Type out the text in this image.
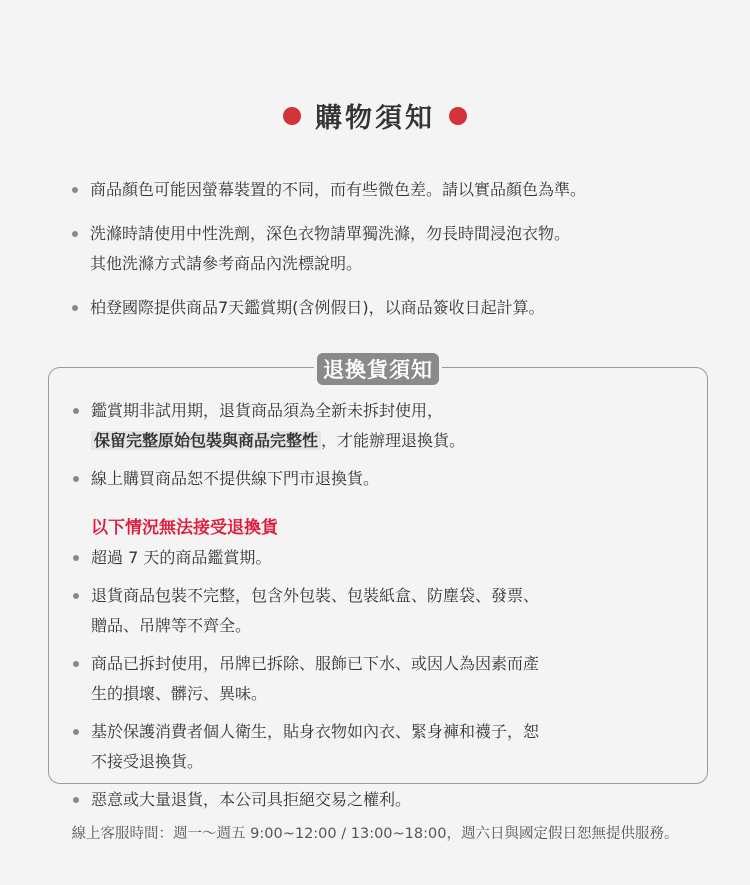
購物須知
商品顏色可能因螢幕裝置的不同，而有些微色差。請以實品顏色為準。
洗滌時請使用中性洗劑，深色衣物請單獨洗滌，勿長時間浸泡衣物。
其他洗滌方式請參考商品內洗標說明。
柏登國際提供商品7天鑑賞期(含例假日)，以商品簽收日起計算。
退換貨須知
鑑賞期非試用期，退貨商品須為全新未拆封使用，
保留完整原始包裝與商品完整性 ，才能辦理退換貨。
線上購買商品恕不提供線下門市退換貨。
以下情況無法接受退換貨
超過 7 天的商品鑑賞期。
退貨商品包裝不完整，包含外包裝、包裝紙盒、防塵袋、發票、
贈品、吊牌等不齊全。
商品已拆封使用，吊牌已拆除、服飾已下水、或因人為因素而產
生的損壞、髒污、異味。
基於保護消費者個人衛生，貼身衣物如內衣、緊身褲和襪子，恕
不接受退換貨。
惡意或大量退貨，本公司具拒絕交易之權利。
線上客服時間：週一～週五 9:00~12:00 / 13:00~18:00，週六日與國定假日恕無提供服務。
